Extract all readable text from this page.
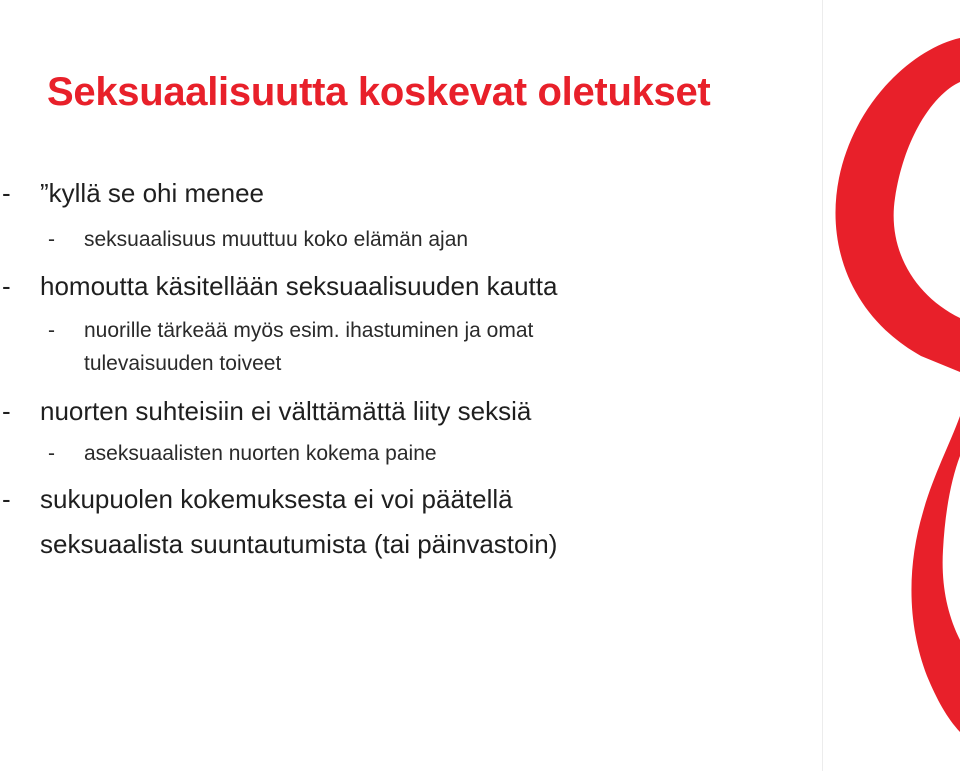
Seksuaalisuutta koskevat oletukset
-	”kyllä se ohi menee
-	seksuaalisuus muuttuu koko elämän ajan
-	homoutta käsitellään seksuaalisuuden kautta
-	nuorille tärkeää myös esim. ihastuminen ja omat
tulevaisuuden toiveet
-	nuorten suhteisiin ei välttämättä liity seksiä
-	aseksuaalisten nuorten kokema paine
-	sukupuolen kokemuksesta ei voi päätellä
seksuaalista suuntautumista (tai päinvastoin)
